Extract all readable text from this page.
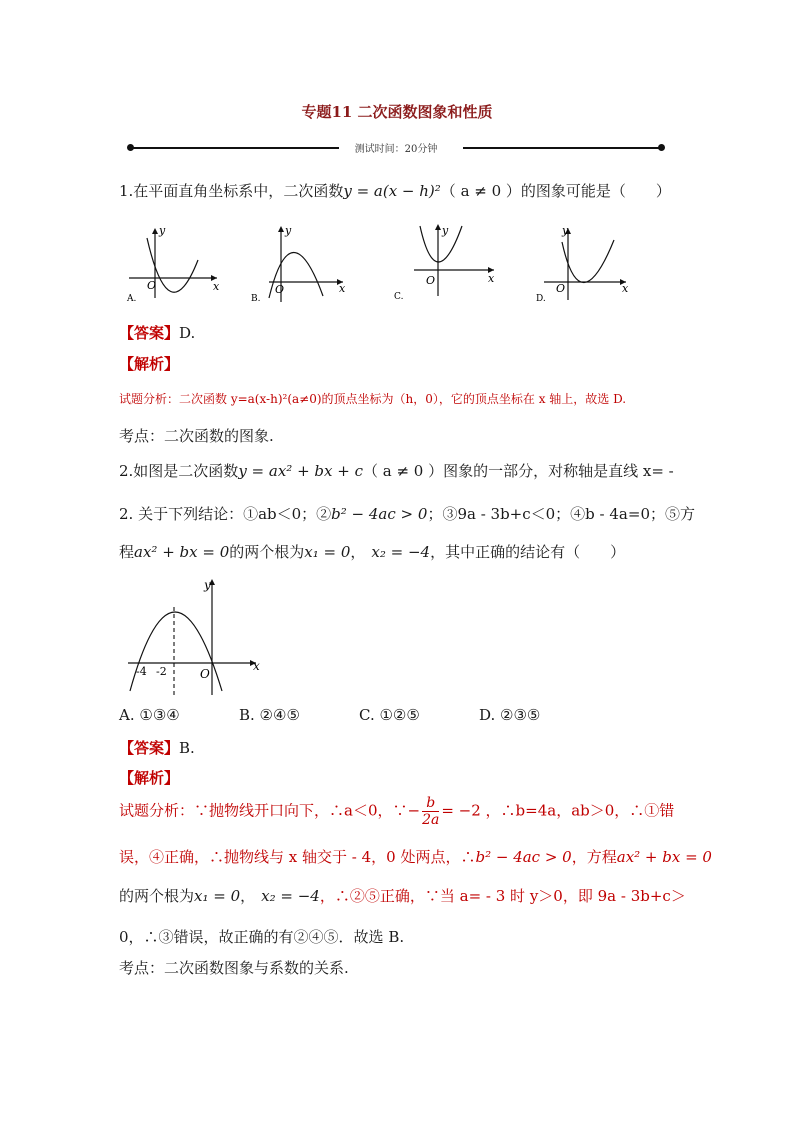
专题11 二次函数图象和性质
测试时间：20分钟
1.在平面直角坐标系中，二次函数y = a(x − h)²（ a ≠ 0 ）的图象可能是（　　）
y
x
O
A.
y
x
O
B.
y
x
O
C.
y
x
O
D.
【答案】D.
【解析】
试题分析：二次函数 y=a(x-h)²(a≠0)的顶点坐标为（h，0），它的顶点坐标在 x 轴上，故选 D.
考点：二次函数的图象.
2.如图是二次函数y = ax² + bx + c（ a ≠ 0 ）图象的一部分，对称轴是直线 x= -
2. 关于下列结论：①ab＜0；②b² − 4ac > 0；③9a - 3b+c＜0；④b - 4a=0；⑤方
程ax² + bx = 0的两个根为x₁ = 0， x₂ = −4，其中正确的结论有（　　）
y
x
O
-4 -2
A. ①③④	B. ②④⑤	C. ①②⑤	D. ②③⑤
【答案】B.
【解析】
试题分析：∵抛物线开口向下，∴a＜0，∵− $\frac{b}{2a} = -2$ ，∴b=4a，ab＞0，∴①错
误，④正确，∴抛物线与 x 轴交于 - 4，0 处两点，∴b² − 4ac > 0，方程ax² + bx = 0
的两个根为x₁ = 0， x₂ = −4，∴②⑤正确，∵当 a= - 3 时 y＞0，即 9a - 3b+c＞
0，∴③错误，故正确的有②④⑤．故选 B.
考点：二次函数图象与系数的关系.
